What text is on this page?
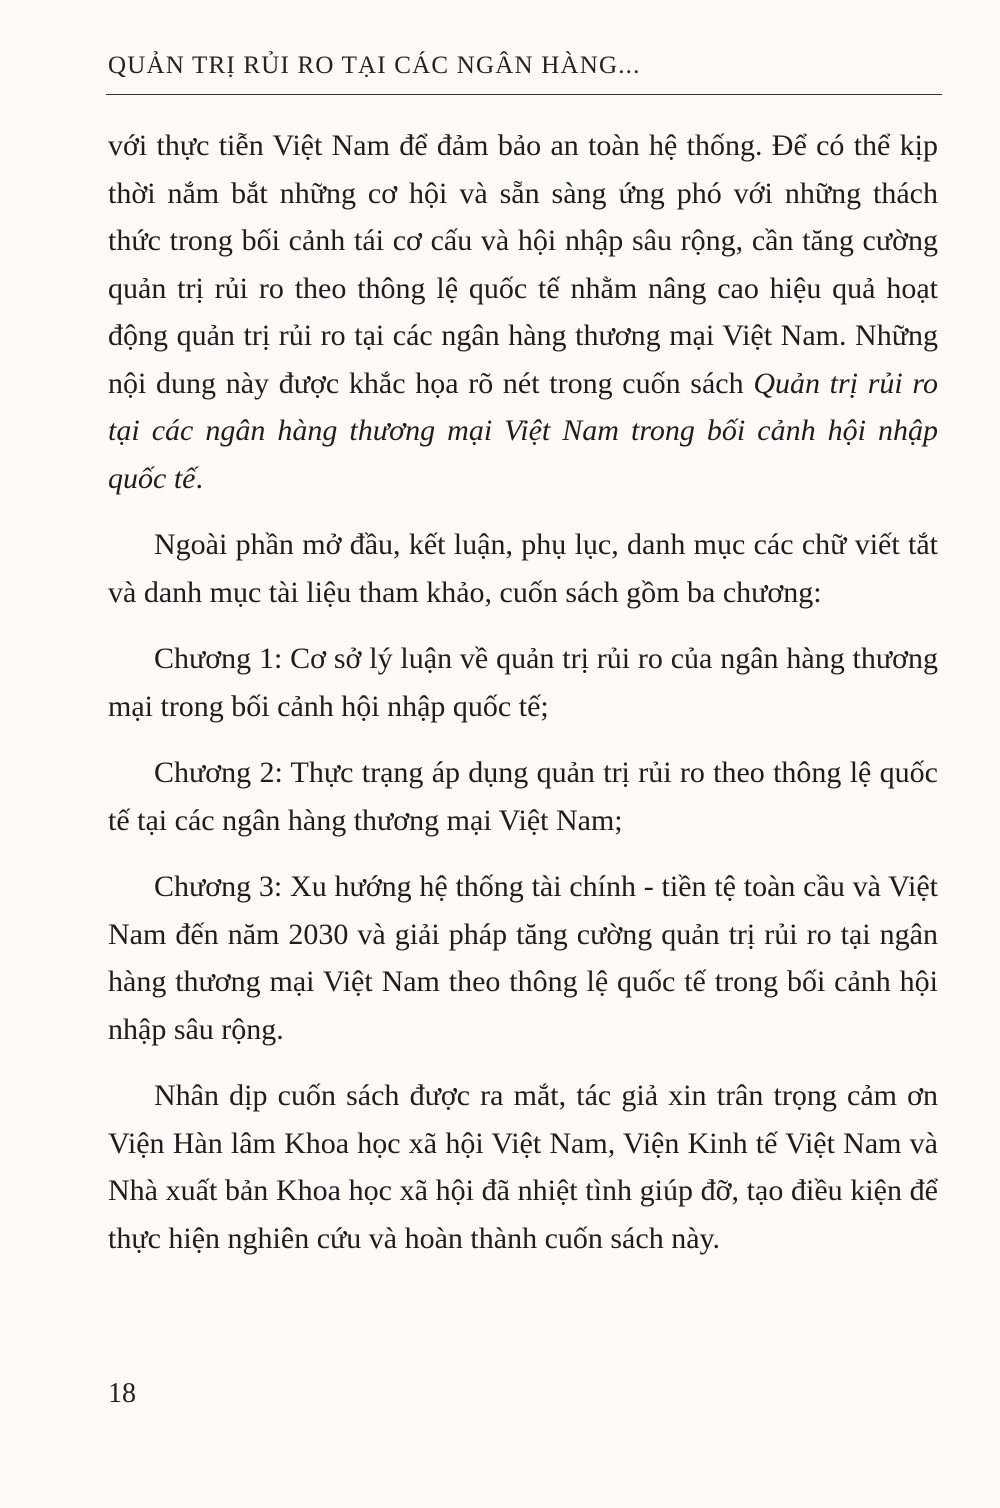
QUẢN TRỊ RỦI RO TẠI CÁC NGÂN HÀNG...

với thực tiễn Việt Nam để đảm bảo an toàn hệ thống. Để có thể kịp thời nắm bắt những cơ hội và sẵn sàng ứng phó với những thách thức trong bối cảnh tái cơ cấu và hội nhập sâu rộng, cần tăng cường quản trị rủi ro theo thông lệ quốc tế nhằm nâng cao hiệu quả hoạt động quản trị rủi ro tại các ngân hàng thương mại Việt Nam. Những nội dung này được khắc họa rõ nét trong cuốn sách Quản trị rủi ro tại các ngân hàng thương mại Việt Nam trong bối cảnh hội nhập quốc tế.

Ngoài phần mở đầu, kết luận, phụ lục, danh mục các chữ viết tắt và danh mục tài liệu tham khảo, cuốn sách gồm ba chương:

Chương 1: Cơ sở lý luận về quản trị rủi ro của ngân hàng thương mại trong bối cảnh hội nhập quốc tế;

Chương 2: Thực trạng áp dụng quản trị rủi ro theo thông lệ quốc tế tại các ngân hàng thương mại Việt Nam;

Chương 3: Xu hướng hệ thống tài chính - tiền tệ toàn cầu và Việt Nam đến năm 2030 và giải pháp tăng cường quản trị rủi ro tại ngân hàng thương mại Việt Nam theo thông lệ quốc tế trong bối cảnh hội nhập sâu rộng.

Nhân dịp cuốn sách được ra mắt, tác giả xin trân trọng cảm ơn Viện Hàn lâm Khoa học xã hội Việt Nam, Viện Kinh tế Việt Nam và Nhà xuất bản Khoa học xã hội đã nhiệt tình giúp đỡ, tạo điều kiện để thực hiện nghiên cứu và hoàn thành cuốn sách này.

18
